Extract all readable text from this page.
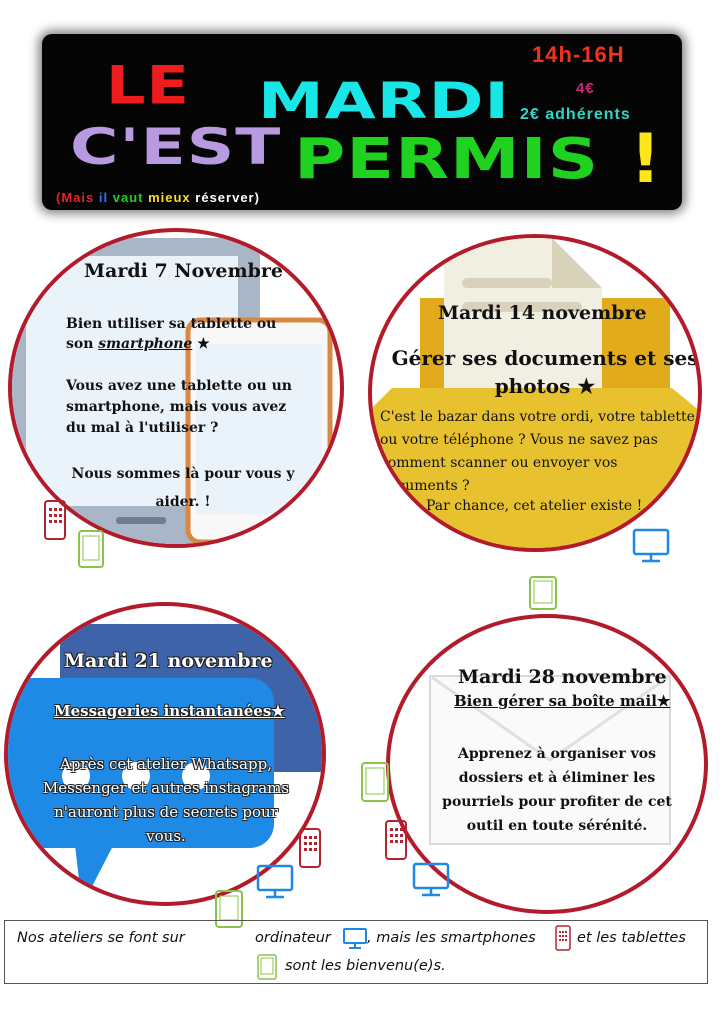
LE MARDI
C'EST PERMIS !
14h-16H
4€
2€ adhérents
(Mais il vaut mieux réserver)
Mardi 7 Novembre
Bien utiliser sa tablette ou son smartphone ★
Vous avez une tablette ou un smartphone, mais vous avez du mal à l'utiliser ?
Nous sommes là pour vous y aider. !
Mardi 14 novembre
Gérer ses documents et ses photos ★
C'est le bazar dans votre ordi, votre tablette ou votre téléphone ? Vous ne savez pas comment scanner ou envoyer vos documents ?
Par chance, cet atelier existe !
Mardi 21 novembre
Messageries instantanées★
Après cet atelier Whatsapp, Messenger et autres instagrams n'auront plus de secrets pour vous.
Mardi 28 novembre
Bien gérer sa boîte mail★
Apprenez à organiser vos dossiers et à éliminer les pourriels pour profiter de cet outil en toute sérénité.
Nos ateliers se font sur	ordinateur , mais les smartphones	et les tablettes
sont les bienvenu(e)s.
